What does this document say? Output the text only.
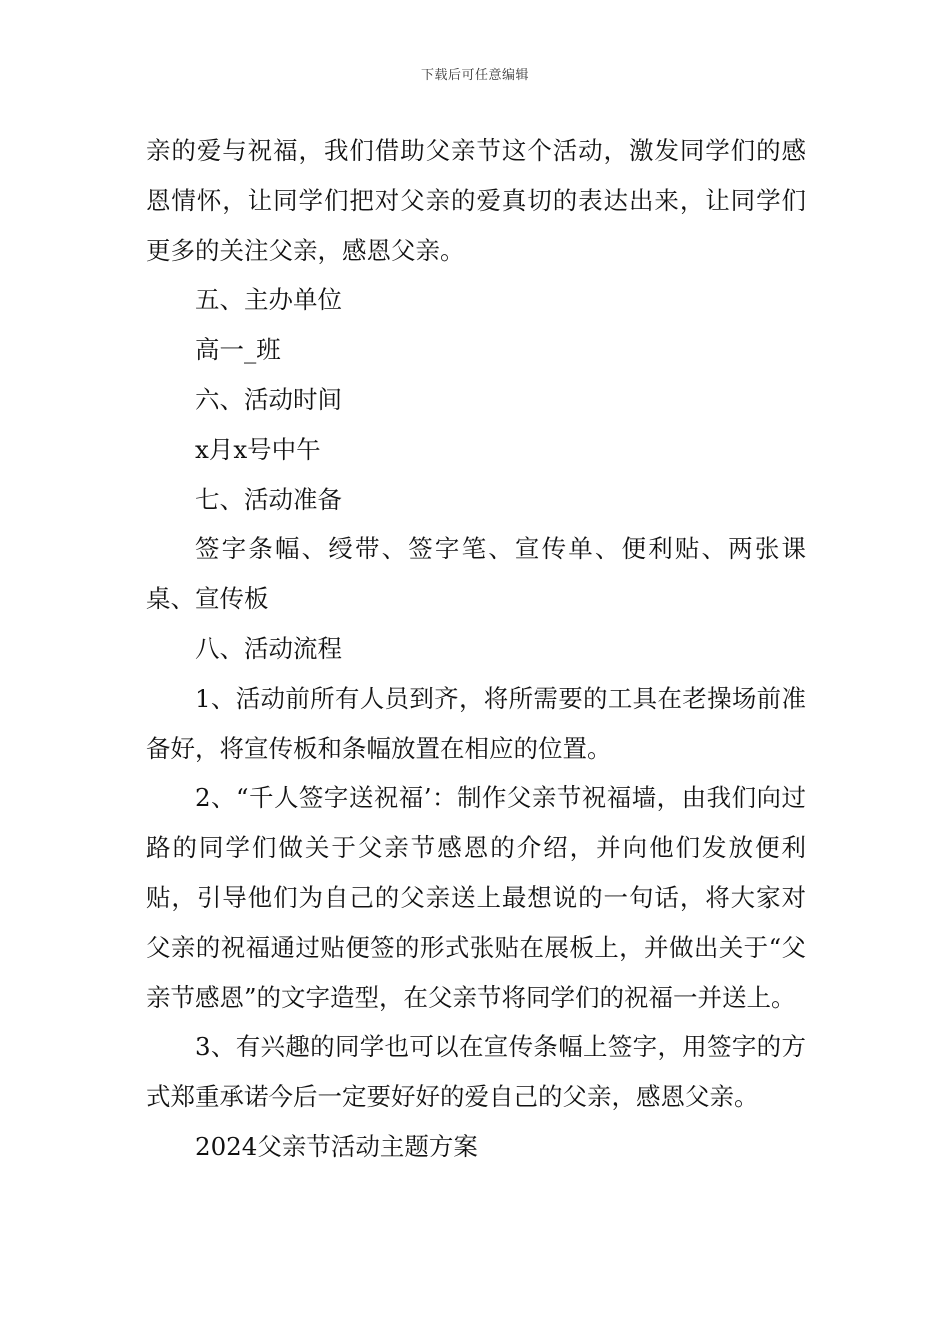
下载后可任意编辑

亲的爱与祝福，我们借助父亲节这个活动，激发同学们的感恩情怀，让同学们把对父亲的爱真切的表达出来，让同学们更多的关注父亲，感恩父亲。

五、主办单位

高一_班

六、活动时间

x月x号中午

七、活动准备

签字条幅、绶带、签字笔、宣传单、便利贴、两张课桌、宣传板

八、活动流程

1、活动前所有人员到齐，将所需要的工具在老操场前准备好，将宣传板和条幅放置在相应的位置。

2、“千人签字送祝福’：制作父亲节祝福墙，由我们向过路的同学们做关于父亲节感恩的介绍，并向他们发放便利贴，引导他们为自己的父亲送上最想说的一句话，将大家对父亲的祝福通过贴便签的形式张贴在展板上，并做出关于“父亲节感恩”的文字造型，在父亲节将同学们的祝福一并送上。

3、有兴趣的同学也可以在宣传条幅上签字，用签字的方式郑重承诺今后一定要好好的爱自己的父亲，感恩父亲。

2024父亲节活动主题方案
